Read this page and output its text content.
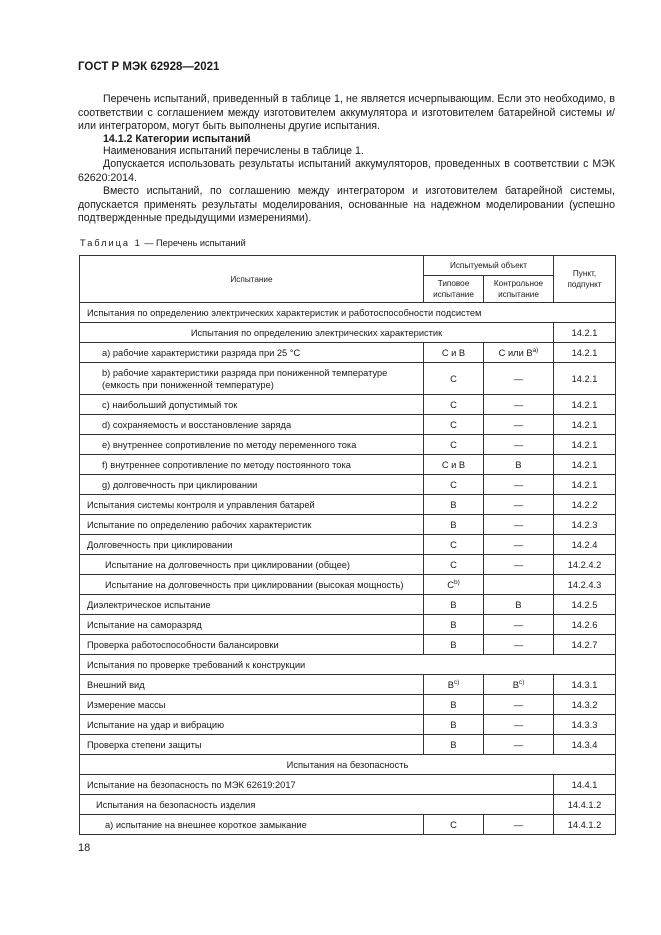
ГОСТ Р МЭК 62928—2021

Перечень испытаний, приведенный в таблице 1, не является исчерпывающим. Если это необходимо, в соответствии с соглашением между изготовителем аккумулятора и изготовителем батарейной системы и/или интегратором, могут быть выполнены другие испытания.

14.1.2 Категории испытаний

Наименования испытаний перечислены в таблице 1.

Допускается использовать результаты испытаний аккумуляторов, проведенных в соответствии с МЭК 62620:2014.

Вместо испытаний, по соглашению между интегратором и изготовителем батарейной системы, допускается применять результаты моделирования, основанные на надежном моделировании (успешно подтвержденные предыдущими измерениями).

Таблица 1 — Перечень испытаний
Испытание	Испытуемый объект		Пункт, подпункт
	Типовое испытание	Контрольное испытание	
Испытания по определению электрических характеристик и работоспособности подсистем			
Испытания по определению электрических характеристик			14.2.1
a) рабочие характеристики разряда при 25 °С	С и В	С или $В^{a)}$	14.2.1
b) рабочие характеристики разряда при пониженной температуре (емкость при пониженной температуре)	С	—	14.2.1
c) наибольший допустимый ток	С	—	14.2.1
d) сохраняемость и восстановление заряда	С	—	14.2.1
e) внутреннее сопротивление по методу переменного тока	С	—	14.2.1
f) внутреннее сопротивление по методу постоянного тока	С и В	В	14.2.1
g) долговечность при циклировании	С	—	14.2.1
Испытания системы контроля и управления батарей	В	—	14.2.2
Испытание по определению рабочих характеристик	В	—	14.2.3
Долговечность при циклировании	С	—	14.2.4
Испытание на долговечность при циклировании (общее)	С	—	14.2.4.2
Испытание на долговечность при циклировании (высокая мощность)	$С^{b)}$		14.2.4.3
Диэлектрическое испытание	В	В	14.2.5
Испытание на саморазряд	В	—	14.2.6
Проверка работоспособности балансировки	В	—	14.2.7
Испытания по проверке требований к конструкции			
Внешний вид	$В^{с)}$	$В^{с)}$	14.3.1
Измерение массы	В	—	14.3.2
Испытание на удар и вибрацию	В	—	14.3.3
Проверка степени защиты	В	—	14.3.4
Испытания на безопасность			
Испытание на безопасность по МЭК 62619:2017			14.4.1
Испытания на безопасность изделия			14.4.1.2
a) испытание на внешнее короткое замыкание	С	—	14.4.1.2
18
